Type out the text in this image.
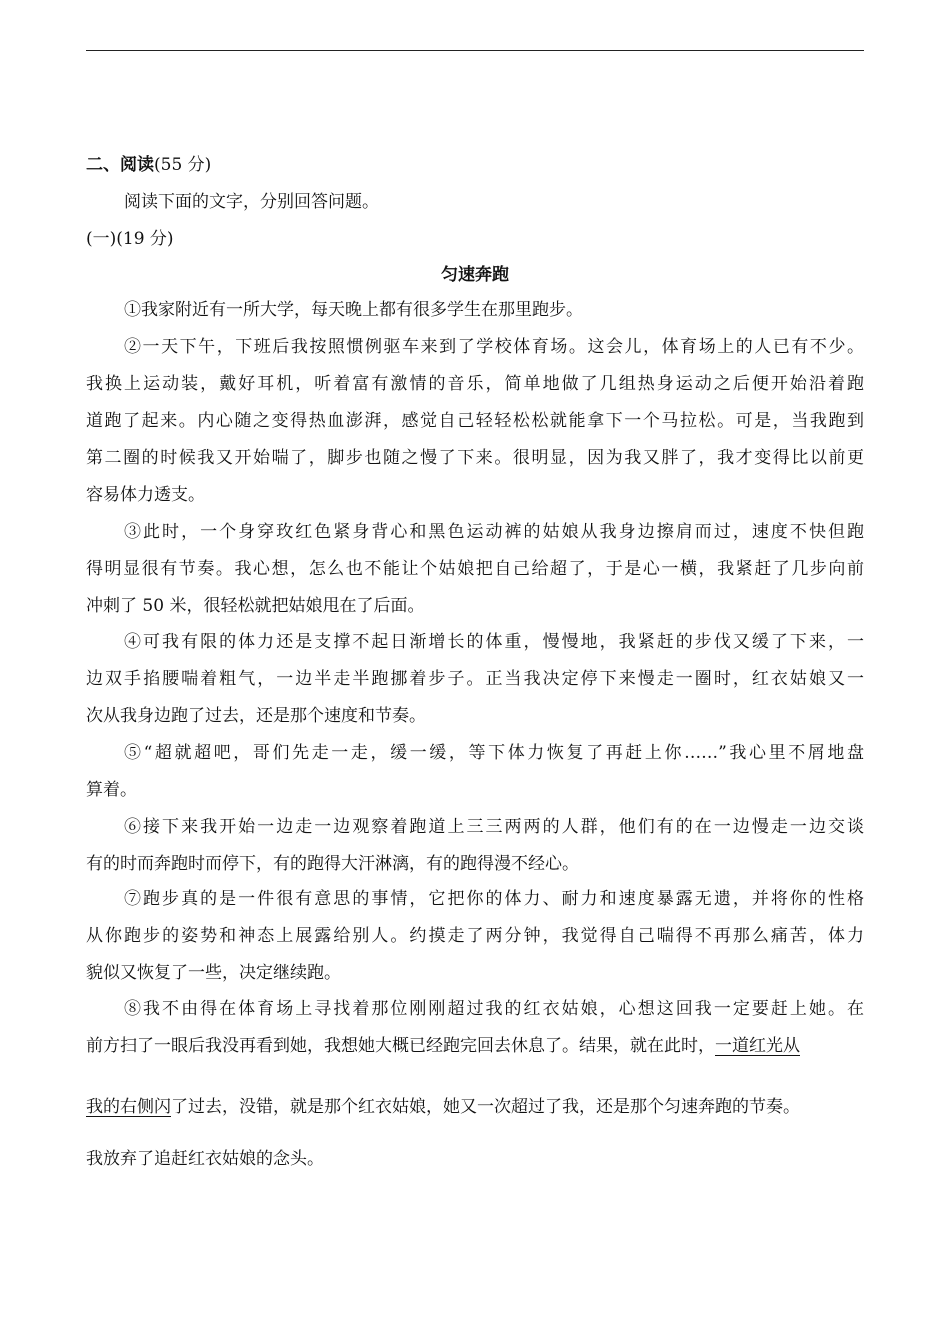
二、阅读(55 分)
阅读下面的文字，分别回答问题。
(一)(19 分)
匀速奔跑
①我家附近有一所大学，每天晚上都有很多学生在那里跑步。
②一天下午，下班后我按照惯例驱车来到了学校体育场。这会儿，体育场上的人已有不少。
我换上运动装，戴好耳机，听着富有激情的音乐，简单地做了几组热身运动之后便开始沿着跑
道跑了起来。内心随之变得热血澎湃，感觉自己轻轻松松就能拿下一个马拉松。可是，当我跑到
第二圈的时候我又开始喘了，脚步也随之慢了下来。很明显，因为我又胖了，我才变得比以前更
容易体力透支。
③此时，一个身穿玫红色紧身背心和黑色运动裤的姑娘从我身边擦肩而过，速度不快但跑
得明显很有节奏。我心想，怎么也不能让个姑娘把自己给超了，于是心一横，我紧赶了几步向前
冲刺了 50 米，很轻松就把姑娘甩在了后面。
④可我有限的体力还是支撑不起日渐增长的体重，慢慢地，我紧赶的步伐又缓了下来，一
边双手掐腰喘着粗气，一边半走半跑挪着步子。正当我决定停下来慢走一圈时，红衣姑娘又一
次从我身边跑了过去，还是那个速度和节奏。
⑤“超就超吧，哥们先走一走，缓一缓，等下体力恢复了再赶上你……”我心里不屑地盘
算着。
⑥接下来我开始一边走一边观察着跑道上三三两两的人群，他们有的在一边慢走一边交谈
有的时而奔跑时而停下，有的跑得大汗淋漓，有的跑得漫不经心。
⑦跑步真的是一件很有意思的事情，它把你的体力、耐力和速度暴露无遗，并将你的性格
从你跑步的姿势和神态上展露给别人。约摸走了两分钟，我觉得自己喘得不再那么痛苦，体力
貌似又恢复了一些，决定继续跑。
⑧我不由得在体育场上寻找着那位刚刚超过我的红衣姑娘，心想这回我一定要赶上她。在
前方扫了一眼后我没再看到她，我想她大概已经跑完回去休息了。结果，就在此时，一道红光从
我的右侧闪了过去，没错，就是那个红衣姑娘，她又一次超过了我，还是那个匀速奔跑的节奏。
我放弃了追赶红衣姑娘的念头。
